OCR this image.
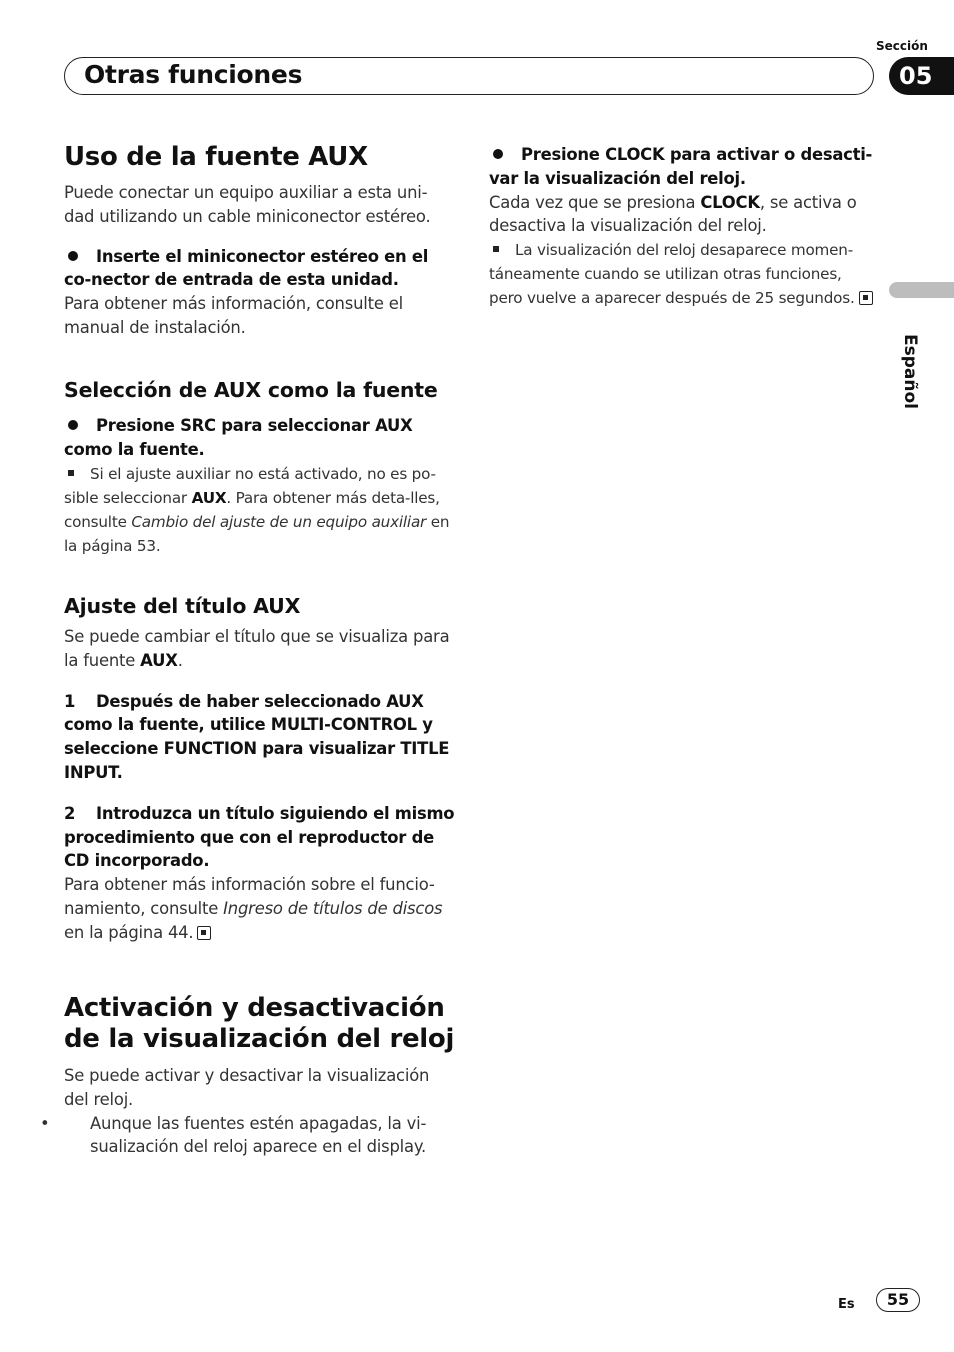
Sección
Otras funciones	05
Español
Uso de la fuente AUX

Puede conectar un equipo auxiliar a esta uni-dad utilizando un cable miniconector estéreo.

Inserte el miniconector estéreo en el co-nector de entrada de esta unidad.

Para obtener más información, consulte el manual de instalación.

Selección de AUX como la fuente

Presione SRC para seleccionar AUX como la fuente.

Si el ajuste auxiliar no está activado, no es po-sible seleccionar AUX. Para obtener más deta-lles, consulte Cambio del ajuste de un equipo auxiliar en la página 53.

Ajuste del título AUX

Se puede cambiar el título que se visualiza para la fuente AUX.

1 Después de haber seleccionado AUX como la fuente, utilice MULTI-CONTROL y seleccione FUNCTION para visualizar TITLE INPUT.

2 Introduzca un título siguiendo el mismo procedimiento que con el reproductor de CD incorporado.

Para obtener más información sobre el funcio-namiento, consulte Ingreso de títulos de discos en la página 44.

Activación y desactivación
de la visualización del reloj

Se puede activar y desactivar la visualización del reloj.

• Aunque las fuentes estén apagadas, la vi-sualización del reloj aparece en el display.

Presione CLOCK para activar o desacti-var la visualización del reloj.

Cada vez que se presiona CLOCK, se activa o desactiva la visualización del reloj.

La visualización del reloj desaparece momen-táneamente cuando se utilizan otras funciones, pero vuelve a aparecer después de 25 segundos.

Es	55
